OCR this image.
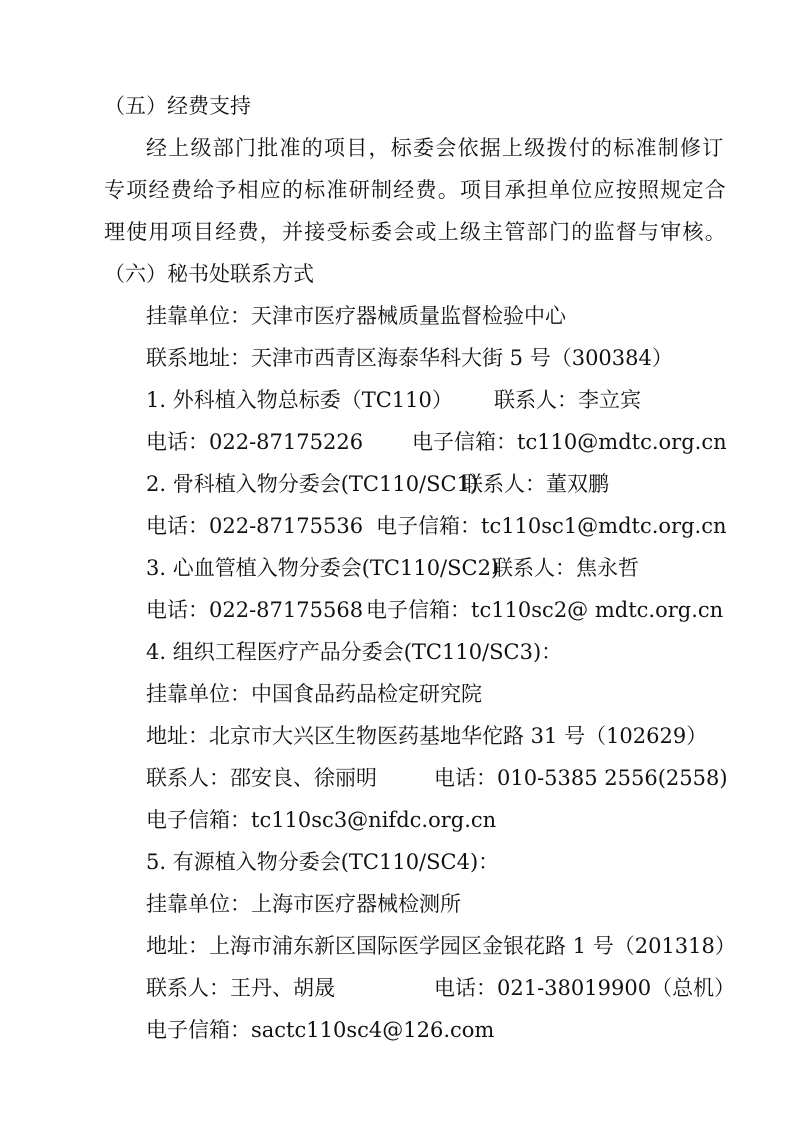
（五）经费支持
经上级部门批准的项目，标委会依据上级拨付的标准制修订
专项经费给予相应的标准研制经费。项目承担单位应按照规定合
理使用项目经费，并接受标委会或上级主管部门的监督与审核。
（六）秘书处联系方式
挂靠单位：天津市医疗器械质量监督检验中心
联系地址：天津市西青区海泰华科大街 5 号（300384）
1. 外科植入物总标委（TC110） 联系人：李立宾
电话：022-87175226 电子信箱：tc110@mdtc.org.cn
2. 骨科植入物分委会(TC110/SC1)
联系人：董双鹏
电话：022-87175536 电子信箱：tc110sc1@mdtc.org.cn
3. 心血管植入物分委会(TC110/SC2)
联系人：焦永哲
电话：022-87175568 电子信箱：tc110sc2@ mdtc.org.cn
4. 组织工程医疗产品分委会(TC110/SC3)：
挂靠单位：中国食品药品检定研究院
地址：北京市大兴区生物医药基地华佗路 31 号（102629）
联系人：邵安良、徐丽明	电话：010-5385 2556(2558)
电子信箱：tc110sc3@nifdc.org.cn
5. 有源植入物分委会(TC110/SC4)：
挂靠单位：上海市医疗器械检测所
地址：上海市浦东新区国际医学园区金银花路 1 号（201318）
联系人：王丹、胡晟	电话：021-38019900（总机）
电子信箱：sactc110sc4@126.com
